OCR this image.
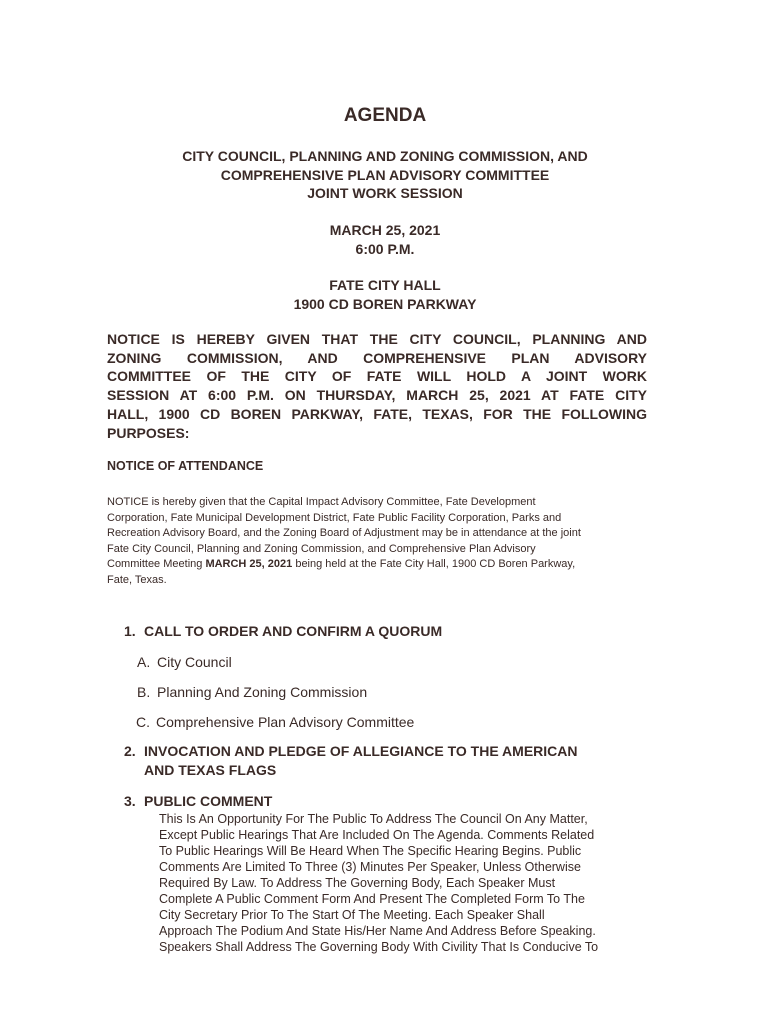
AGENDA
CITY COUNCIL, PLANNING AND ZONING COMMISSION, AND
COMPREHENSIVE PLAN ADVISORY COMMITTEE
JOINT WORK SESSION
MARCH 25, 2021
6:00 P.M.
FATE CITY HALL
1900 CD BOREN PARKWAY
NOTICE IS HEREBY GIVEN THAT THE CITY COUNCIL, PLANNING AND
ZONING COMMISSION, AND COMPREHENSIVE PLAN ADVISORY
COMMITTEE OF THE CITY OF FATE WILL HOLD A JOINT WORK
SESSION AT 6:00 P.M. ON THURSDAY, MARCH 25, 2021 AT FATE CITY
HALL, 1900 CD BOREN PARKWAY, FATE, TEXAS, FOR THE FOLLOWING
PURPOSES:
NOTICE OF ATTENDANCE
NOTICE is hereby given that the Capital Impact Advisory Committee, Fate Development
Corporation, Fate Municipal Development District, Fate Public Facility Corporation, Parks and
Recreation Advisory Board, and the Zoning Board of Adjustment may be in attendance at the joint
Fate City Council, Planning and Zoning Commission, and Comprehensive Plan Advisory
Committee Meeting MARCH 25, 2021 being held at the Fate City Hall, 1900 CD Boren Parkway,
Fate, Texas.
1. CALL TO ORDER AND CONFIRM A QUORUM
A. City Council
B. Planning And Zoning Commission
C. Comprehensive Plan Advisory Committee
2. INVOCATION AND PLEDGE OF ALLEGIANCE TO THE AMERICAN
AND TEXAS FLAGS
3. PUBLIC COMMENT
This Is An Opportunity For The Public To Address The Council On Any Matter,
Except Public Hearings That Are Included On The Agenda. Comments Related
To Public Hearings Will Be Heard When The Specific Hearing Begins. Public
Comments Are Limited To Three (3) Minutes Per Speaker, Unless Otherwise
Required By Law. To Address The Governing Body, Each Speaker Must
Complete A Public Comment Form And Present The Completed Form To The
City Secretary Prior To The Start Of The Meeting. Each Speaker Shall
Approach The Podium And State His/Her Name And Address Before Speaking.
Speakers Shall Address The Governing Body With Civility That Is Conducive To
